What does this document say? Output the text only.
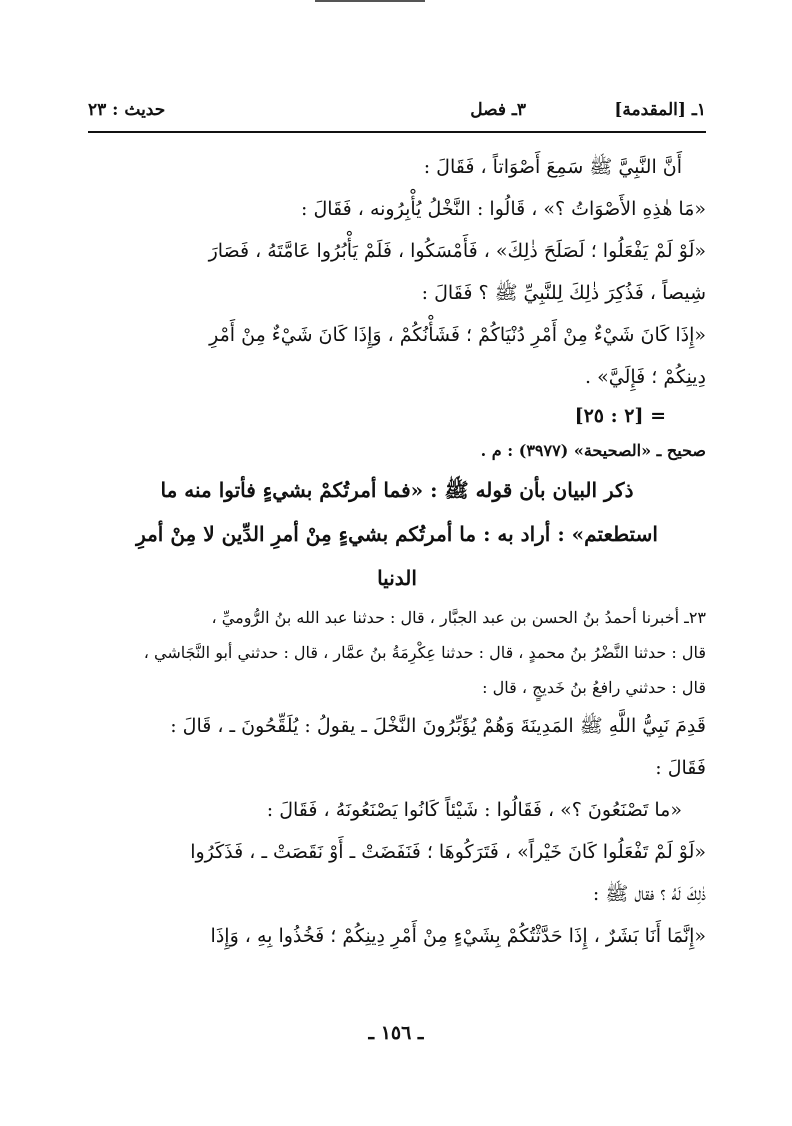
١ـ [المقدمة]
٣ـ فصل
حديث : ٢٣
أَنَّ النَّبِيَّ ﷺ سَمِعَ أَصْوَاتاً ، فَقَالَ :
«مَا هٰذِهِ الأَصْوَاتُ ؟» ، قَالُوا : النَّخْلُ يُأْبِرُونه ، فَقَالَ :
«لَوْ لَمْ يَفْعَلُوا ؛ لَصَلَحَ ذٰلِكَ» ، فَأَمْسَكُوا ، فَلَمْ يَأْبُرُوا عَامَّتَهُ ، فَصَارَ
شِيصاً ، فَذُكِرَ ذٰلِكَ لِلنَّبِيِّ ﷺ ؟ فَقَالَ :
«إِذَا كَانَ شَيْءٌ مِنْ أَمْرِ دُنْيَاكُمْ ؛ فَشَأْنُكُمْ ، وَإِذَا كَانَ شَيْءٌ مِنْ أَمْرِ
دِينِكُمْ ؛ فَإِلَيَّ» .
= [٢ : ٢٥]
صحيح ـ «الصحيحة» (٣٩٧٧) : م .
ذكر البيان بأن قوله ﷺ : «فما أمرتُكمْ بشيءٍ فأتوا منه ما
استطعتم» : أراد به : ما أمرتُكم بشيءٍ مِنْ أمرِ الدِّين لا مِنْ أمرِ
الدنيا
٢٣ـ أخبرنا أحمدُ بنُ الحسن بن عبد الجبَّار ، قال : حدثنا عبد الله بنُ الرُّوميِّ ،
قال : حدثنا النَّضْرُ بنُ محمدٍ ، قال : حدثنا عِكْرِمَةُ بنُ عمَّار ، قال : حدثني أبو النَّجَاشي ،
قال : حدثني رافعُ بنُ خَديجٍ ، قال :
قَدِمَ نَبِيُّ اللَّهِ ﷺ المَدِينَةَ وَهُمْ يُؤَبِّرُونَ النَّخْلَ ـ يقولُ : يُلَقِّحُونَ ـ ، قَالَ :
فَقَالَ :
«ما تَصْنَعُونَ ؟» ، فَقَالُوا : شَيْئاً كَانُوا يَصْنَعُونَهُ ، فَقَالَ :
«لَوْ لَمْ تَفْعَلُوا كَانَ خَيْراً» ، فَتَرَكُوهَا ؛ فَنَفَضَتْ ـ أَوْ نَقَصَتْ ـ ، فَذَكَرُوا
ذٰلِكَ لَهُ ؟ فقال ﷺ :
«إِنَّمَا أَنَا بَشَرٌ ، إِذَا حَدَّثْتُكُمْ بِشَيْءٍ مِنْ أَمْرِ دِينِكُمْ ؛ فَخُذُوا بِهِ ، وَإِذَا
ـ ١٥٦ ـ
